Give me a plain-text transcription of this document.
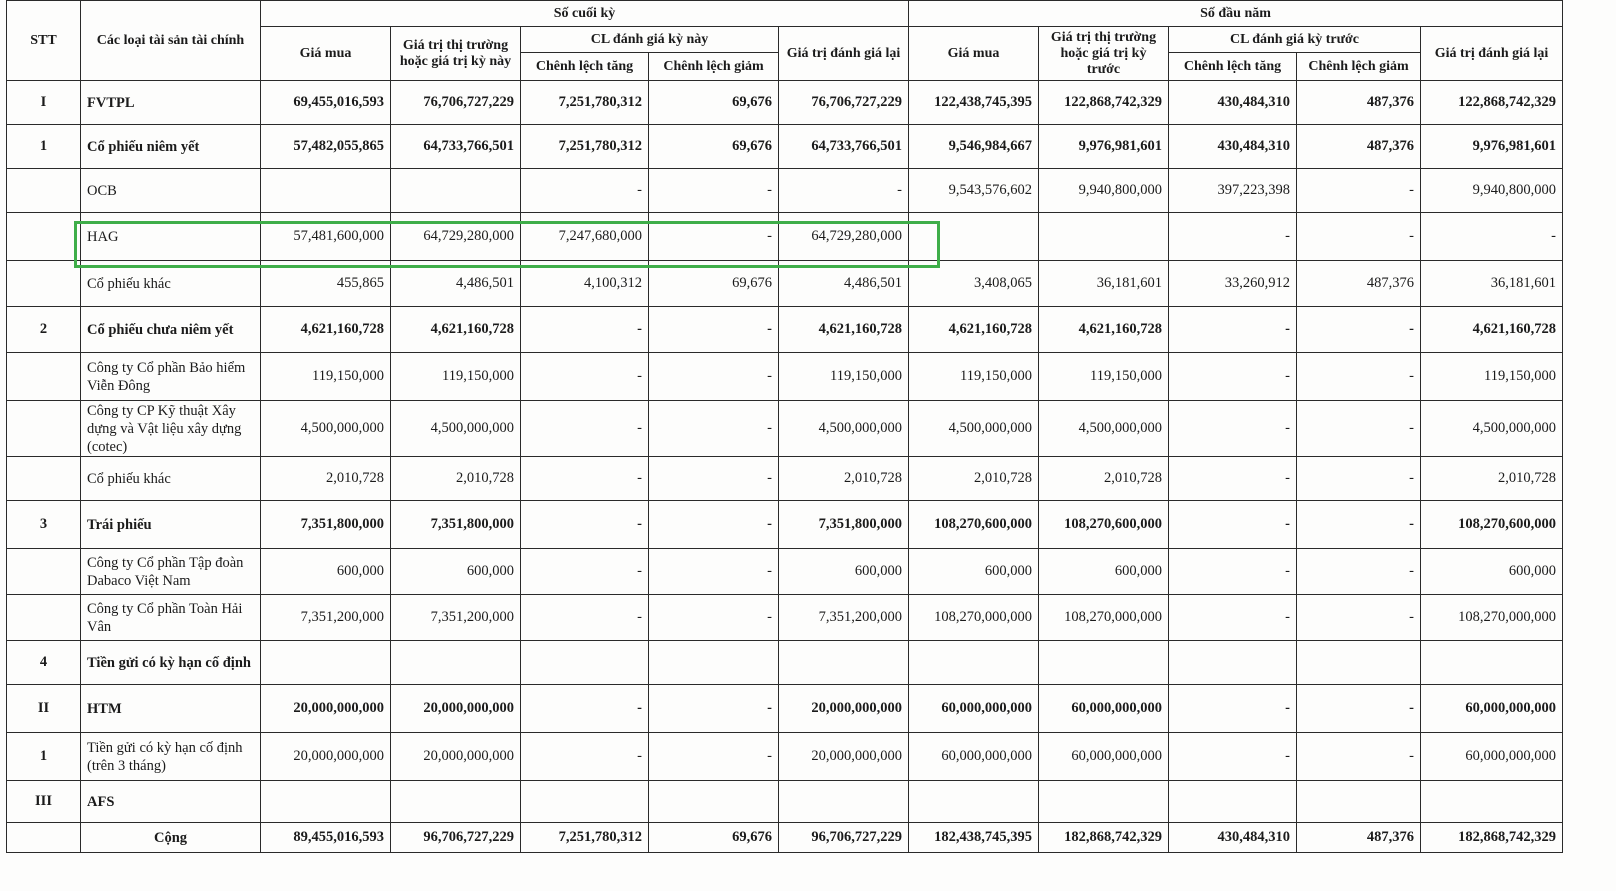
STT	Các loại tài sản tài chính	Số cuối kỳ					Số đầu năm				
		Giá mua	Giá trị thị trường hoặc giá trị kỳ này	CL đánh giá kỳ này		Giá trị đánh giá lại	Giá mua	Giá trị thị trường hoặc giá trị kỳ trước	CL đánh giá kỳ trước		Giá trị đánh giá lại
				Chênh lệch tăng	Chênh lệch giảm				Chênh lệch tăng	Chênh lệch giảm	
I	FVTPL	69,455,016,593	76,706,727,229	7,251,780,312	69,676	76,706,727,229	122,438,745,395	122,868,742,329	430,484,310	487,376	122,868,742,329
1	Cổ phiếu niêm yết	57,482,055,865	64,733,766,501	7,251,780,312	69,676	64,733,766,501	9,546,984,667	9,976,981,601	430,484,310	487,376	9,976,981,601
	OCB			-	-	-	9,543,576,602	9,940,800,000	397,223,398	-	9,940,800,000
	HAG	57,481,600,000	64,729,280,000	7,247,680,000	-	64,729,280,000			-	-	-
	Cổ phiếu khác	455,865	4,486,501	4,100,312	69,676	4,486,501	3,408,065	36,181,601	33,260,912	487,376	36,181,601
2	Cổ phiếu chưa niêm yết	4,621,160,728	4,621,160,728	-	-	4,621,160,728	4,621,160,728	4,621,160,728	-	-	4,621,160,728
	Công ty Cổ phần Bảo hiểm Viễn Đông	119,150,000	119,150,000	-	-	119,150,000	119,150,000	119,150,000	-	-	119,150,000
	Công ty CP Kỹ thuật Xây dựng và Vật liệu xây dựng (cotec)	4,500,000,000	4,500,000,000	-	-	4,500,000,000	4,500,000,000	4,500,000,000	-	-	4,500,000,000
	Cổ phiếu khác	2,010,728	2,010,728	-	-	2,010,728	2,010,728	2,010,728	-	-	2,010,728
3	Trái phiếu	7,351,800,000	7,351,800,000	-	-	7,351,800,000	108,270,600,000	108,270,600,000	-	-	108,270,600,000
	Công ty Cổ phần Tập đoàn Dabaco Việt Nam	600,000	600,000	-	-	600,000	600,000	600,000	-	-	600,000
	Công ty Cổ phần Toàn Hải Vân	7,351,200,000	7,351,200,000	-	-	7,351,200,000	108,270,000,000	108,270,000,000	-	-	108,270,000,000
4	Tiền gửi có kỳ hạn cố định										
II	HTM	20,000,000,000	20,000,000,000	-	-	20,000,000,000	60,000,000,000	60,000,000,000	-	-	60,000,000,000
1	Tiền gửi có kỳ hạn cố định (trên 3 tháng)	20,000,000,000	20,000,000,000	-	-	20,000,000,000	60,000,000,000	60,000,000,000	-	-	60,000,000,000
III	AFS										
	Cộng	89,455,016,593	96,706,727,229	7,251,780,312	69,676	96,706,727,229	182,438,745,395	182,868,742,329	430,484,310	487,376	182,868,742,329
